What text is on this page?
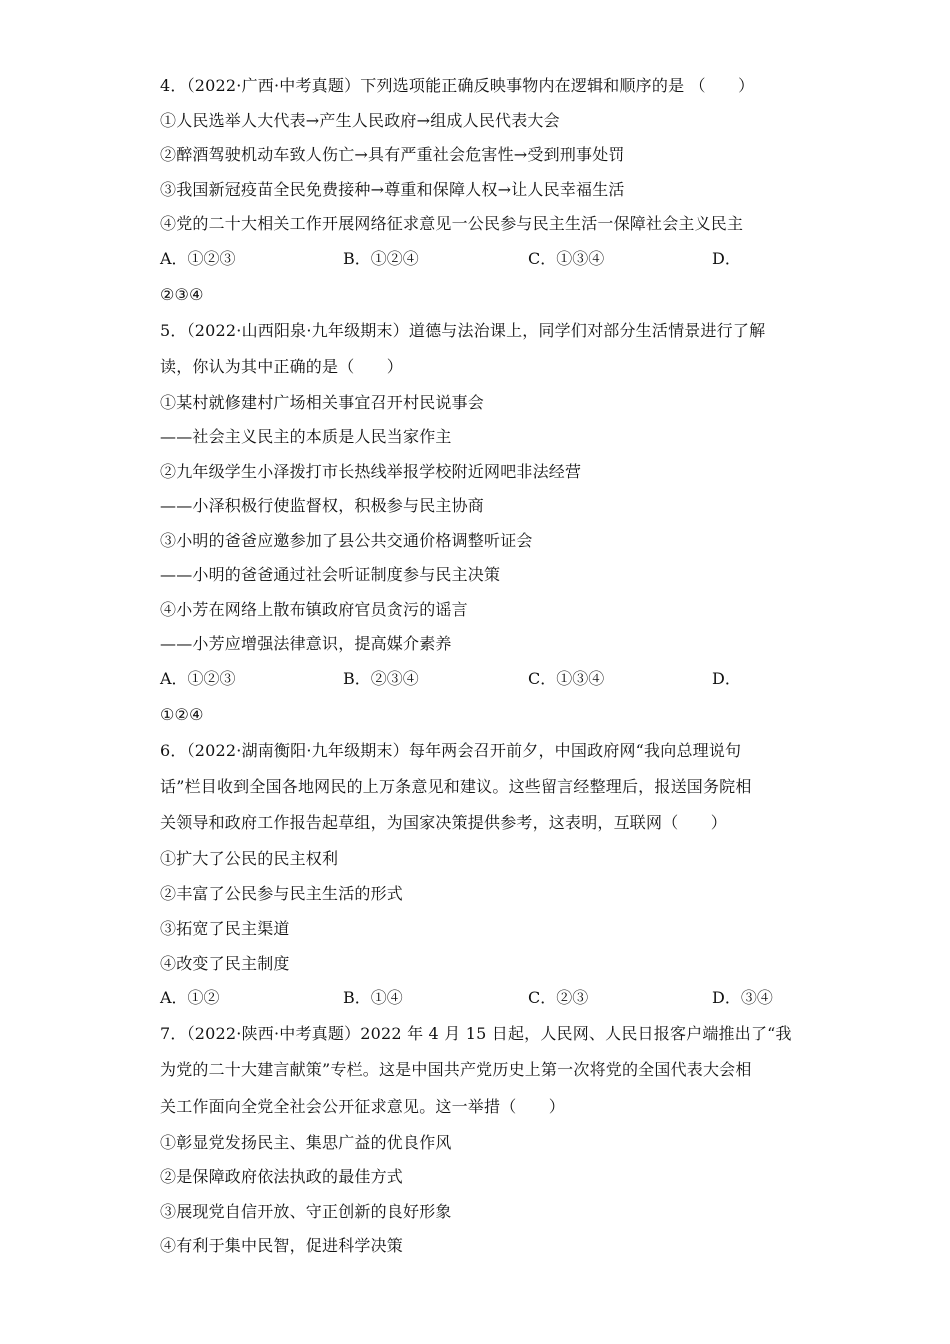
4．（2022·广西·中考真题）下列选项能正确反映事物内在逻辑和顺序的是 （　　）
①人民选举人大代表→产生人民政府→组成人民代表大会
②醉酒驾驶机动车致人伤亡→具有严重社会危害性→受到刑事处罚
③我国新冠疫苗全民免费接种→尊重和保障人权→让人民幸福生活
④党的二十大相关工作开展网络征求意见一公民参与民主生活一保障社会主义民主
A．①②③	B．①②④	C．①③④	D．
②③④
5．（2022·山西阳泉·九年级期末）道德与法治课上，同学们对部分生活情景进行了解
读，你认为其中正确的是（　　）
①某村就修建村广场相关事宜召开村民说事会
——社会主义民主的本质是人民当家作主
②九年级学生小泽拨打市长热线举报学校附近网吧非法经营
——小泽积极行使监督权，积极参与民主协商
③小明的爸爸应邀参加了县公共交通价格调整听证会
——小明的爸爸通过社会听证制度参与民主决策
④小芳在网络上散布镇政府官员贪污的谣言
——小芳应增强法律意识，提高媒介素养
A．①②③	B．②③④	C．①③④	D．
①②④
6．（2022·湖南衡阳·九年级期末）每年两会召开前夕，中国政府网“我向总理说句
话”栏目收到全国各地网民的上万条意见和建议。这些留言经整理后，报送国务院相
关领导和政府工作报告起草组，为国家决策提供参考，这表明，互联网（　　）
①扩大了公民的民主权利
②丰富了公民参与民主生活的形式
③拓宽了民主渠道
④改变了民主制度
A．①②	B．①④	C．②③	D．③④
7．（2022·陕西·中考真题）2022 年 4 月 15 日起，人民网、人民日报客户端推出了“我
为党的二十大建言献策”专栏。这是中国共产党历史上第一次将党的全国代表大会相
关工作面向全党全社会公开征求意见。这一举措（　　）
①彰显党发扬民主、集思广益的优良作风
②是保障政府依法执政的最佳方式
③展现党自信开放、守正创新的良好形象
④有利于集中民智，促进科学决策
